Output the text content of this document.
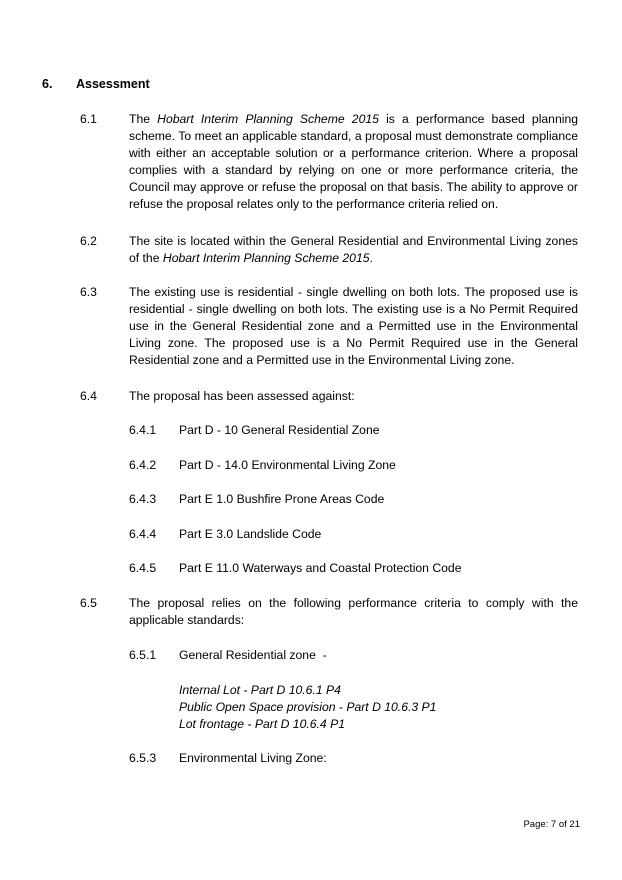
6. Assessment
6.1	The Hobart Interim Planning Scheme 2015 is a performance based planning scheme. To meet an applicable standard, a proposal must demonstrate compliance with either an acceptable solution or a performance criterion. Where a proposal complies with a standard by relying on one or more performance criteria, the Council may approve or refuse the proposal on that basis. The ability to approve or refuse the proposal relates only to the performance criteria relied on.
6.2	The site is located within the General Residential and Environmental Living zones of the Hobart Interim Planning Scheme 2015.
6.3	The existing use is residential - single dwelling on both lots. The proposed use is residential - single dwelling on both lots. The existing use is a No Permit Required use in the General Residential zone and a Permitted use in the Environmental Living zone. The proposed use is a No Permit Required use in the General Residential zone and a Permitted use in the Environmental Living zone.
6.4	The proposal has been assessed against:
6.4.1 Part D - 10 General Residential Zone
6.4.2 Part D - 14.0 Environmental Living Zone
6.4.3 Part E 1.0 Bushfire Prone Areas Code
6.4.4 Part E 3.0 Landslide Code
6.4.5 Part E 11.0 Waterways and Coastal Protection Code
6.5	The proposal relies on the following performance criteria to comply with the applicable standards:
6.5.1 General Residential zone  -
Internal Lot - Part D 10.6.1 P4
Public Open Space provision - Part D 10.6.3 P1
Lot frontage - Part D 10.6.4 P1
6.5.3 Environmental Living Zone:
Page: 7 of 21
